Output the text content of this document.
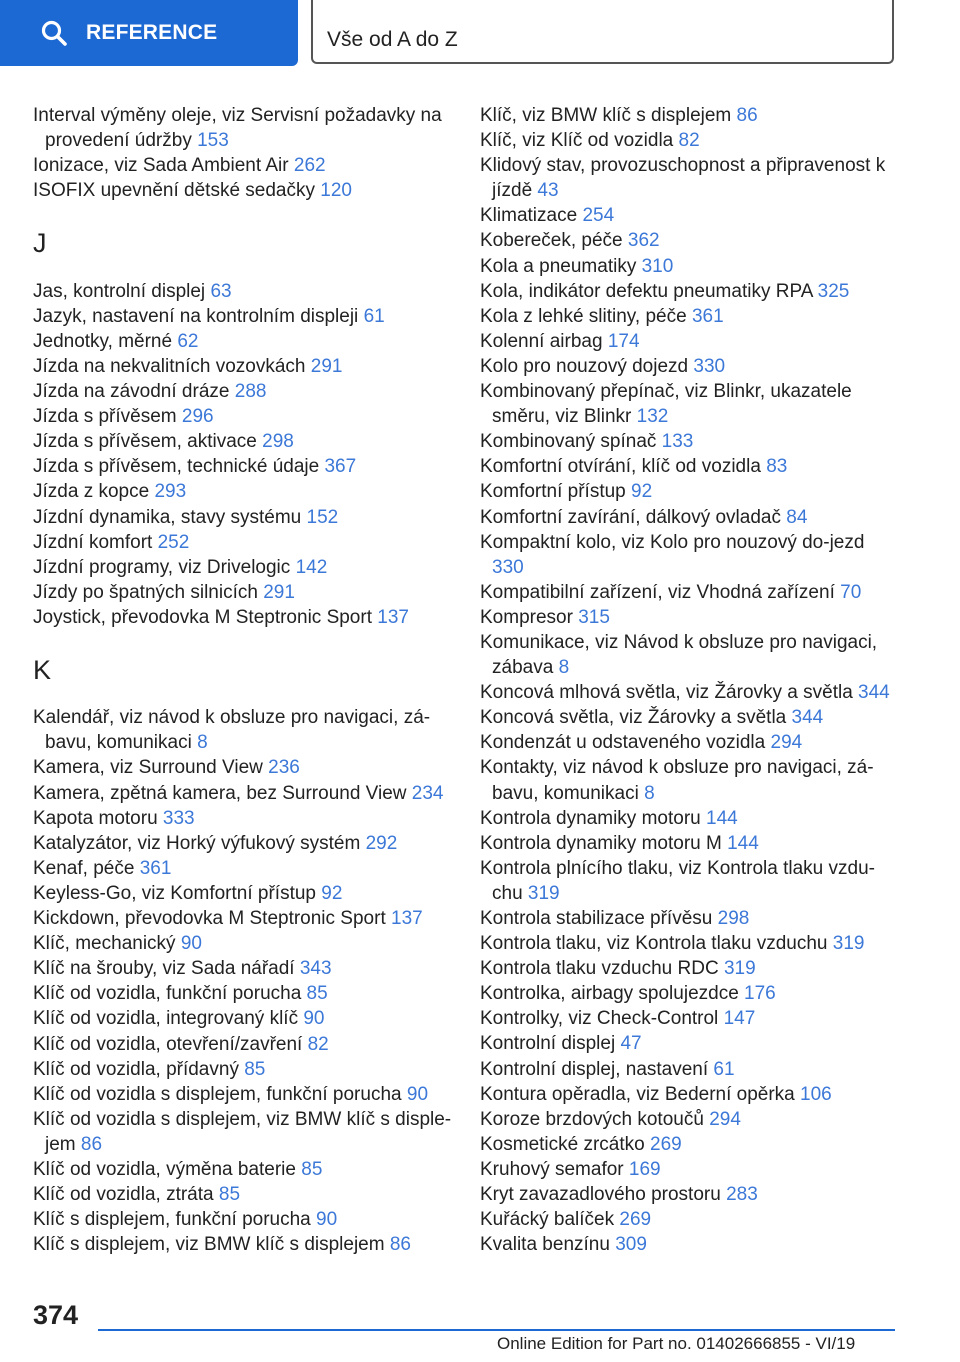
REFERENCE	Vše od A do Z
Interval výměny oleje, viz Servisní požadavky na provedení údržby 153
Ionizace, viz Sada Ambient Air 262
ISOFIX upevnění dětské sedačky 120
J
Jas, kontrolní displej 63
Jazyk, nastavení na kontrolním displeji 61
Jednotky, měrné 62
Jízda na nekvalitních vozovkách 291
Jízda na závodní dráze 288
Jízda s přívěsem 296
Jízda s přívěsem, aktivace 298
Jízda s přívěsem, technické údaje 367
Jízda z kopce 293
Jízdní dynamika, stavy systému 152
Jízdní komfort 252
Jízdní programy, viz Drivelogic 142
Jízdy po špatných silnicích 291
Joystick, převodovka M Steptronic Sport 137
K
Kalendář, viz návod k obsluze pro navigaci, zá-bavu, komunikaci 8
Kamera, viz Surround View 236
Kamera, zpětná kamera, bez Surround View 234
Kapota motoru 333
Katalyzátor, viz Horký výfukový systém 292
Kenaf, péče 361
Keyless-Go, viz Komfortní přístup 92
Kickdown, převodovka M Steptronic Sport 137
Klíč, mechanický 90
Klíč na šrouby, viz Sada nářadí 343
Klíč od vozidla, funkční porucha 85
Klíč od vozidla, integrovaný klíč 90
Klíč od vozidla, otevření/zavření 82
Klíč od vozidla, přídavný 85
Klíč od vozidla s displejem, funkční porucha 90
Klíč od vozidla s displejem, viz BMW klíč s disple-jem 86
Klíč od vozidla, výměna baterie 85
Klíč od vozidla, ztráta 85
Klíč s displejem, funkční porucha 90
Klíč s displejem, viz BMW klíč s displejem 86
Klíč, viz BMW klíč s displejem 86
Klíč, viz Klíč od vozidla 82
Klidový stav, provozuschopnost a připravenost k jízdě 43
Klimatizace 254
Kobereček, péče 362
Kola a pneumatiky 310
Kola, indikátor defektu pneumatiky RPA 325
Kola z lehké slitiny, péče 361
Kolenní airbag 174
Kolo pro nouzový dojezd 330
Kombinovaný přepínač, viz Blinkr, ukazatele směru, viz Blinkr 132
Kombinovaný spínač 133
Komfortní otvírání, klíč od vozidla 83
Komfortní přístup 92
Komfortní zavírání, dálkový ovladač 84
Kompaktní kolo, viz Kolo pro nouzový do-jezd 330
Kompatibilní zařízení, viz Vhodná zařízení 70
Kompresor 315
Komunikace, viz Návod k obsluze pro navigaci, zábava 8
Koncová mlhová světla, viz Žárovky a světla 344
Koncová světla, viz Žárovky a světla 344
Kondenzát u odstaveného vozidla 294
Kontakty, viz návod k obsluze pro navigaci, zá-bavu, komunikaci 8
Kontrola dynamiky motoru 144
Kontrola dynamiky motoru M 144
Kontrola plnícího tlaku, viz Kontrola tlaku vzdu-chu 319
Kontrola stabilizace přívěsu 298
Kontrola tlaku, viz Kontrola tlaku vzduchu 319
Kontrola tlaku vzduchu RDC 319
Kontrolka, airbagy spolujezdce 176
Kontrolky, viz Check-Control 147
Kontrolní displej 47
Kontrolní displej, nastavení 61
Kontura opěradla, viz Bederní opěrka 106
Koroze brzdových kotoučů 294
Kosmetické zrcátko 269
Kruhový semafor 169
Kryt zavazadlového prostoru 283
Kuřácký balíček 269
Kvalita benzínu 309
374
Online Edition for Part no. 01402666855 - VI/19
